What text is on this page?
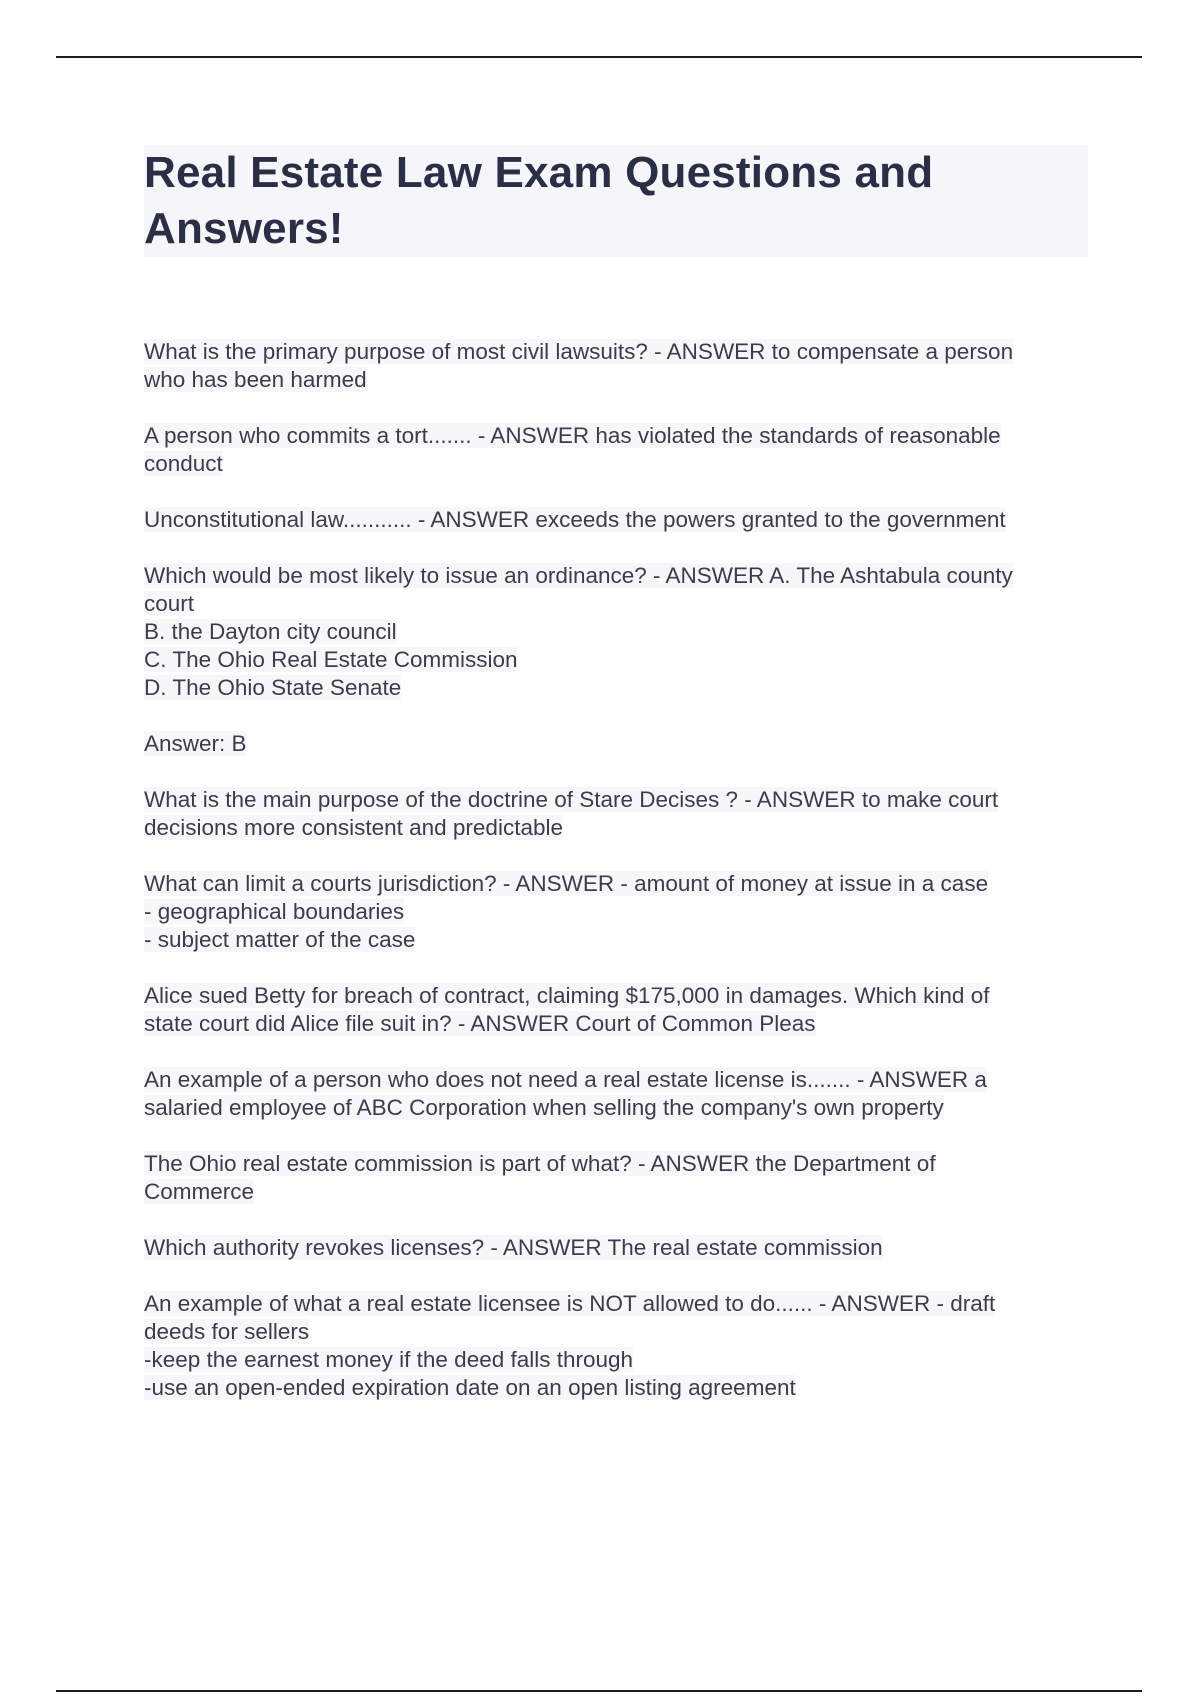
Real Estate Law Exam Questions and Answers!
What is the primary purpose of most civil lawsuits? - ANSWER to compensate a person
who has been harmed
A person who commits a tort....... - ANSWER has violated the standards of reasonable
conduct
Unconstitutional law........... - ANSWER exceeds the powers granted to the government
Which would be most likely to issue an ordinance? - ANSWER A. The Ashtabula county
court
B. the Dayton city council
C. The Ohio Real Estate Commission
D. The Ohio State Senate
Answer: B
What is the main purpose of the doctrine of Stare Decises ? - ANSWER to make court
decisions more consistent and predictable
What can limit a courts jurisdiction? - ANSWER - amount of money at issue in a case
- geographical boundaries
- subject matter of the case
Alice sued Betty for breach of contract, claiming $175,000 in damages. Which kind of
state court did Alice file suit in? - ANSWER Court of Common Pleas
An example of a person who does not need a real estate license is....... - ANSWER a
salaried employee of ABC Corporation when selling the company's own property
The Ohio real estate commission is part of what? - ANSWER the Department of
Commerce
Which authority revokes licenses? - ANSWER The real estate commission
An example of what a real estate licensee is NOT allowed to do...... - ANSWER - draft
deeds for sellers
-keep the earnest money if the deed falls through
-use an open-ended expiration date on an open listing agreement
